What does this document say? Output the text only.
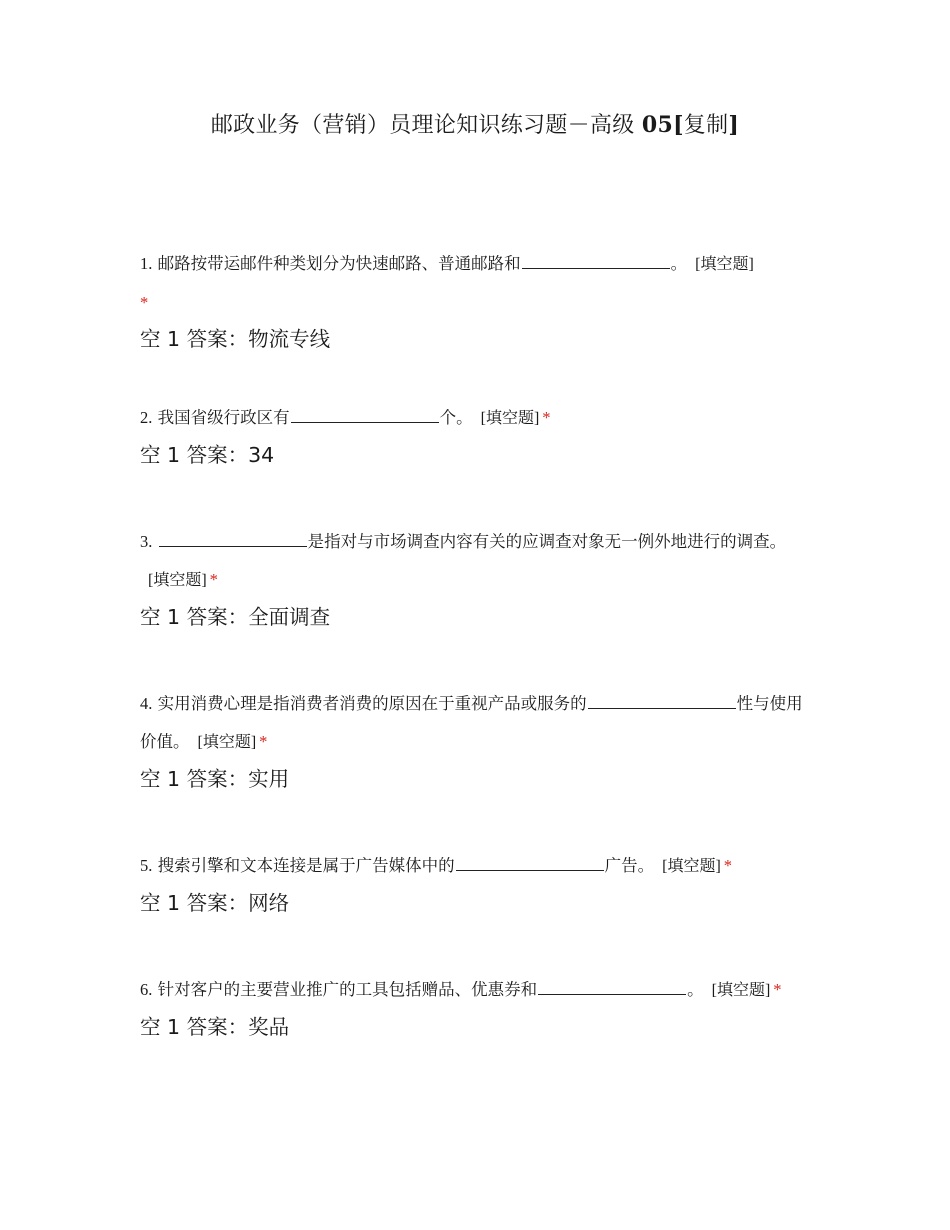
邮政业务（营销）员理论知识练习题－高级 05[复制]
1. 邮路按带运邮件种类划分为快速邮路、普通邮路和	。 [填空题]
*
空 1 答案：物流专线
2. 我国省级行政区有	个。 [填空题] *
空 1 答案：34
3.	是指对与市场调查内容有关的应调查对象无一例外地进行的调查。[填空题] *
空 1 答案：全面调查
4. 实用消费心理是指消费者消费的原因在于重视产品或服务的	性与使用价值。 [填空题] *
空 1 答案：实用
5. 搜索引擎和文本连接是属于广告媒体中的	广告。 [填空题] *
空 1 答案：网络
6. 针对客户的主要营业推广的工具包括赠品、优惠券和	。 [填空题] *
空 1 答案：奖品
